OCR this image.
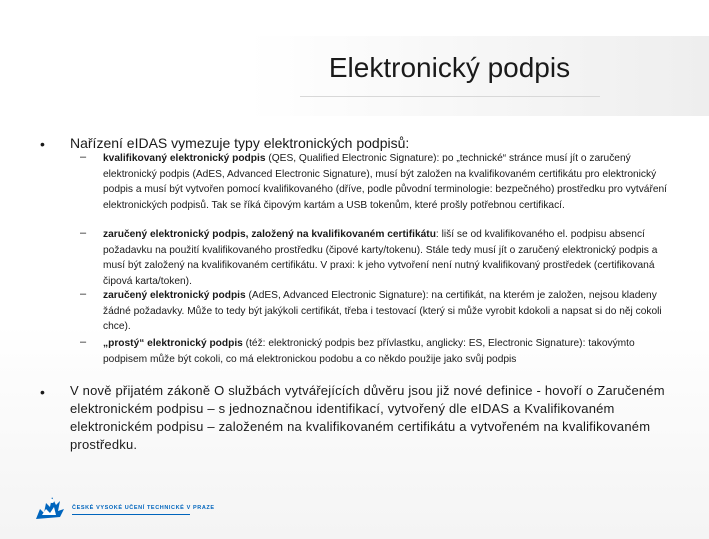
Elektronický podpis
• Nařízení eIDAS vymezuje typy elektronických podpisů:
– kvalifikovaný elektronický podpis (QES, Qualified Electronic Signature): po „technické“ stránce musí jít o zaručený elektronický podpis (AdES, Advanced Electronic Signature), musí být založen na kvalifikovaném certifikátu pro elektronický podpis a musí být vytvořen pomocí kvalifikovaného (dříve, podle původní terminologie: bezpečného) prostředku pro vytváření elektronických podpisů. Tak se říká čipovým kartám a USB tokenům, které prošly potřebnou certifikací.
– zaručený elektronický podpis, založený na kvalifikovaném certifikátu: liší se od kvalifikovaného el. podpisu absencí požadavku na použití kvalifikovaného prostředku (čipové karty/tokenu). Stále tedy musí jít o zaručený elektronický podpis a musí být založený na kvalifikovaném certifikátu. V praxi: k jeho vytvoření není nutný kvalifikovaný prostředek (certifikovaná čipová karta/token).
– zaručený elektronický podpis (AdES, Advanced Electronic Signature): na certifikát, na kterém je založen, nejsou kladeny žádné požadavky. Může to tedy být jakýkoli certifikát, třeba i testovací (který si může vyrobit kdokoli a napsat si do něj cokoli chce).
– „prostý“ elektronický podpis (též: elektronický podpis bez přívlastku, anglicky: ES, Electronic Signature): takovýmto podpisem může být cokoli, co má elektronickou podobu a co někdo použije jako svůj podpis
• V nově přijatém zákoně O službách vytvářejících důvěru jsou již nové definice - hovoří o Zaručeném elektronickém podpisu – s jednoznačnou identifikací, vytvořený dle eIDAS a Kvalifikovaném elektronickém podpisu – založeném na kvalifikovaném certifikátu a vytvořeném na kvalifikovaném prostředku.
ČESKÉ VYSOKÉ UČENÍ TECHNICKÉ V PRAZE
